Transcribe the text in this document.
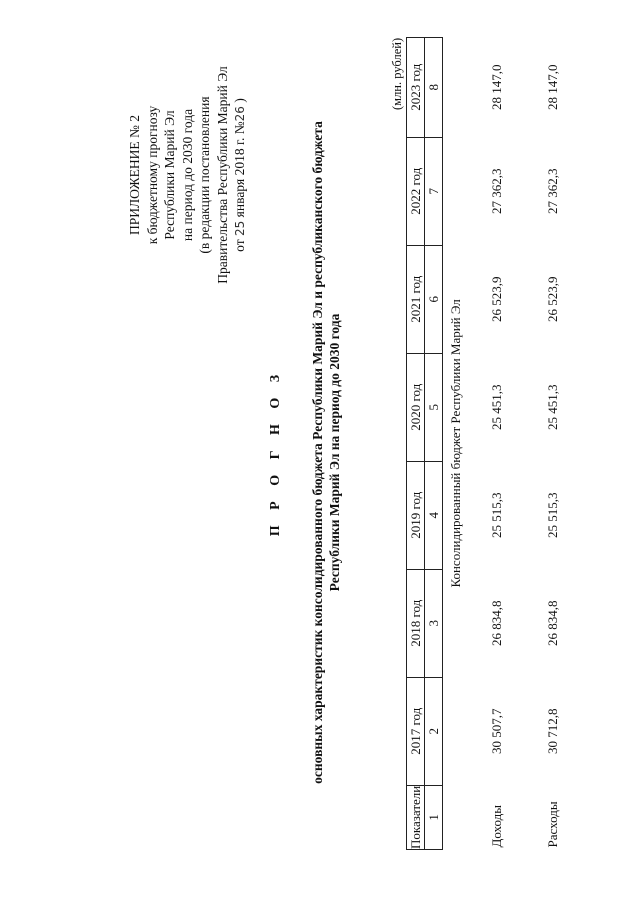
ПРИЛОЖЕНИЕ № 2 к бюджетному прогнозу Республики Марий Эл на период до 2030 года (в редакции постановления Правительства Республики Марий Эл от 25 января 2018 г. №26 )
П Р О Г Н О З основных характеристик консолидированного бюджета Республики Марий Эл и республиканского бюджета Республики Марий Эл на период до 2030 года
(млн. рублей)
Показатели	2017 год	2018 год	2019 год	2020 год	2021 год	2022 год	2023 год
1	2	3	4	5	6	7	8
Консолидированный бюджет Республики Марий Эл							
Доходы	30 507,7	26 834,8	25 515,3	25 451,3	26 523,9	27 362,3	28 147,0
Расходы	30 712,8	26 834,8	25 515,3	25 451,3	26 523,9	27 362,3	28 147,0
